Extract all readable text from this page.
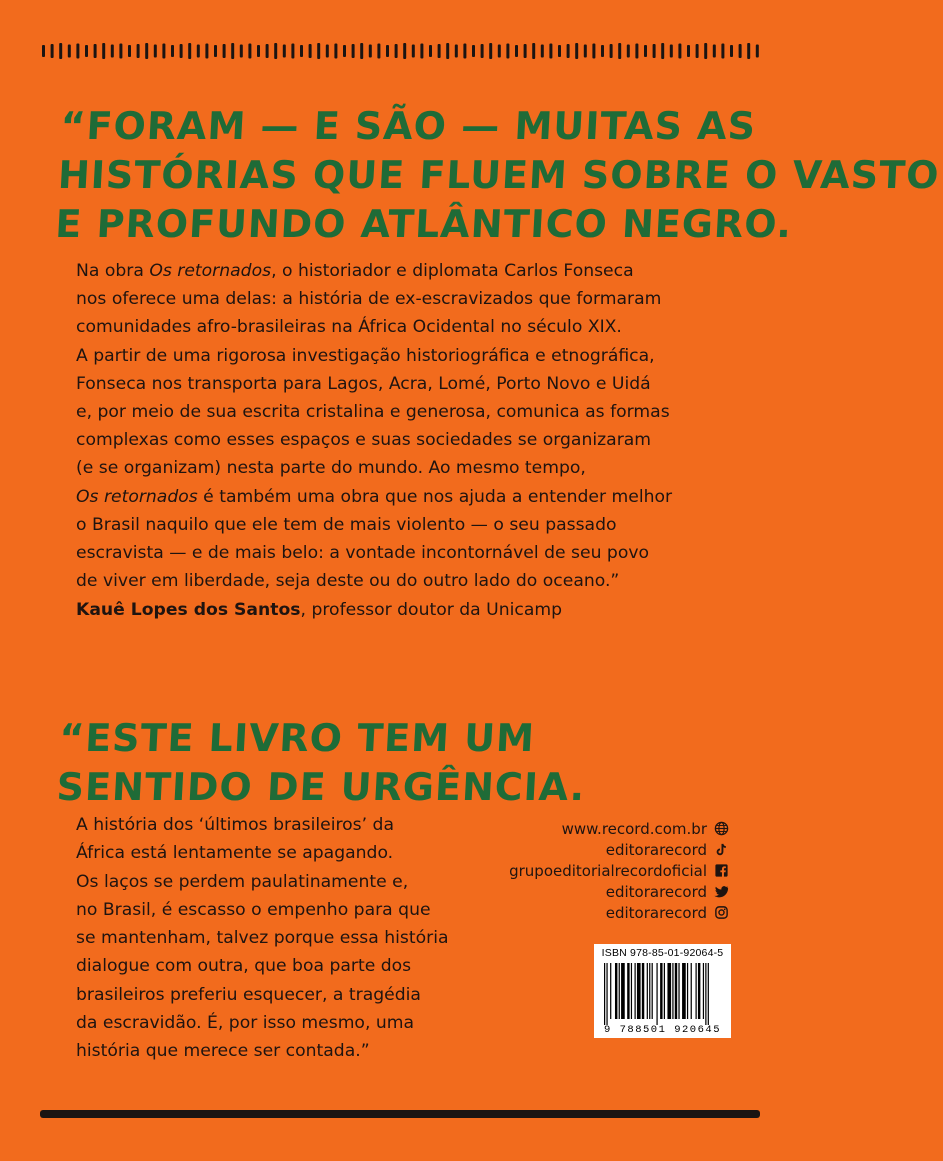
“FORAM — E SÃO — MUITAS AS
HISTÓRIAS QUE FLUEM SOBRE O VASTO
E PROFUNDO ATLÂNTICO NEGRO.

Na obra Os retornados, o historiador e diplomata Carlos Fonseca
nos oferece uma delas: a história de ex-escravizados que formaram
comunidades afro-brasileiras na África Ocidental no século XIX.
A partir de uma rigorosa investigação historiográfica e etnográfica,
Fonseca nos transporta para Lagos, Acra, Lomé, Porto Novo e Uidá
e, por meio de sua escrita cristalina e generosa, comunica as formas
complexas como esses espaços e suas sociedades se organizaram
(e se organizam) nesta parte do mundo. Ao mesmo tempo,
Os retornados é também uma obra que nos ajuda a entender melhor
o Brasil naquilo que ele tem de mais violento — o seu passado
escravista — e de mais belo: a vontade incontornável de seu povo
de viver em liberdade, seja deste ou do outro lado do oceano.”

Kauê Lopes dos Santos, professor doutor da Unicamp
“ESTE LIVRO TEM UM
SENTIDO DE URGÊNCIA.

A história dos ‘últimos brasileiros’ da
África está lentamente se apagando.
Os laços se perdem paulatinamente e,
no Brasil, é escasso o empenho para que
se mantenham, talvez porque essa história
dialogue com outra, que boa parte dos
brasileiros preferiu esquecer, a tragédia
da escravidão. É, por isso mesmo, uma
história que merece ser contada.”

www.record.com.br
editorarecord
grupoeditorialrecordoficial
editorarecord
editorarecord
ISBN 978-85-01-92064-5
9 788501 920645
